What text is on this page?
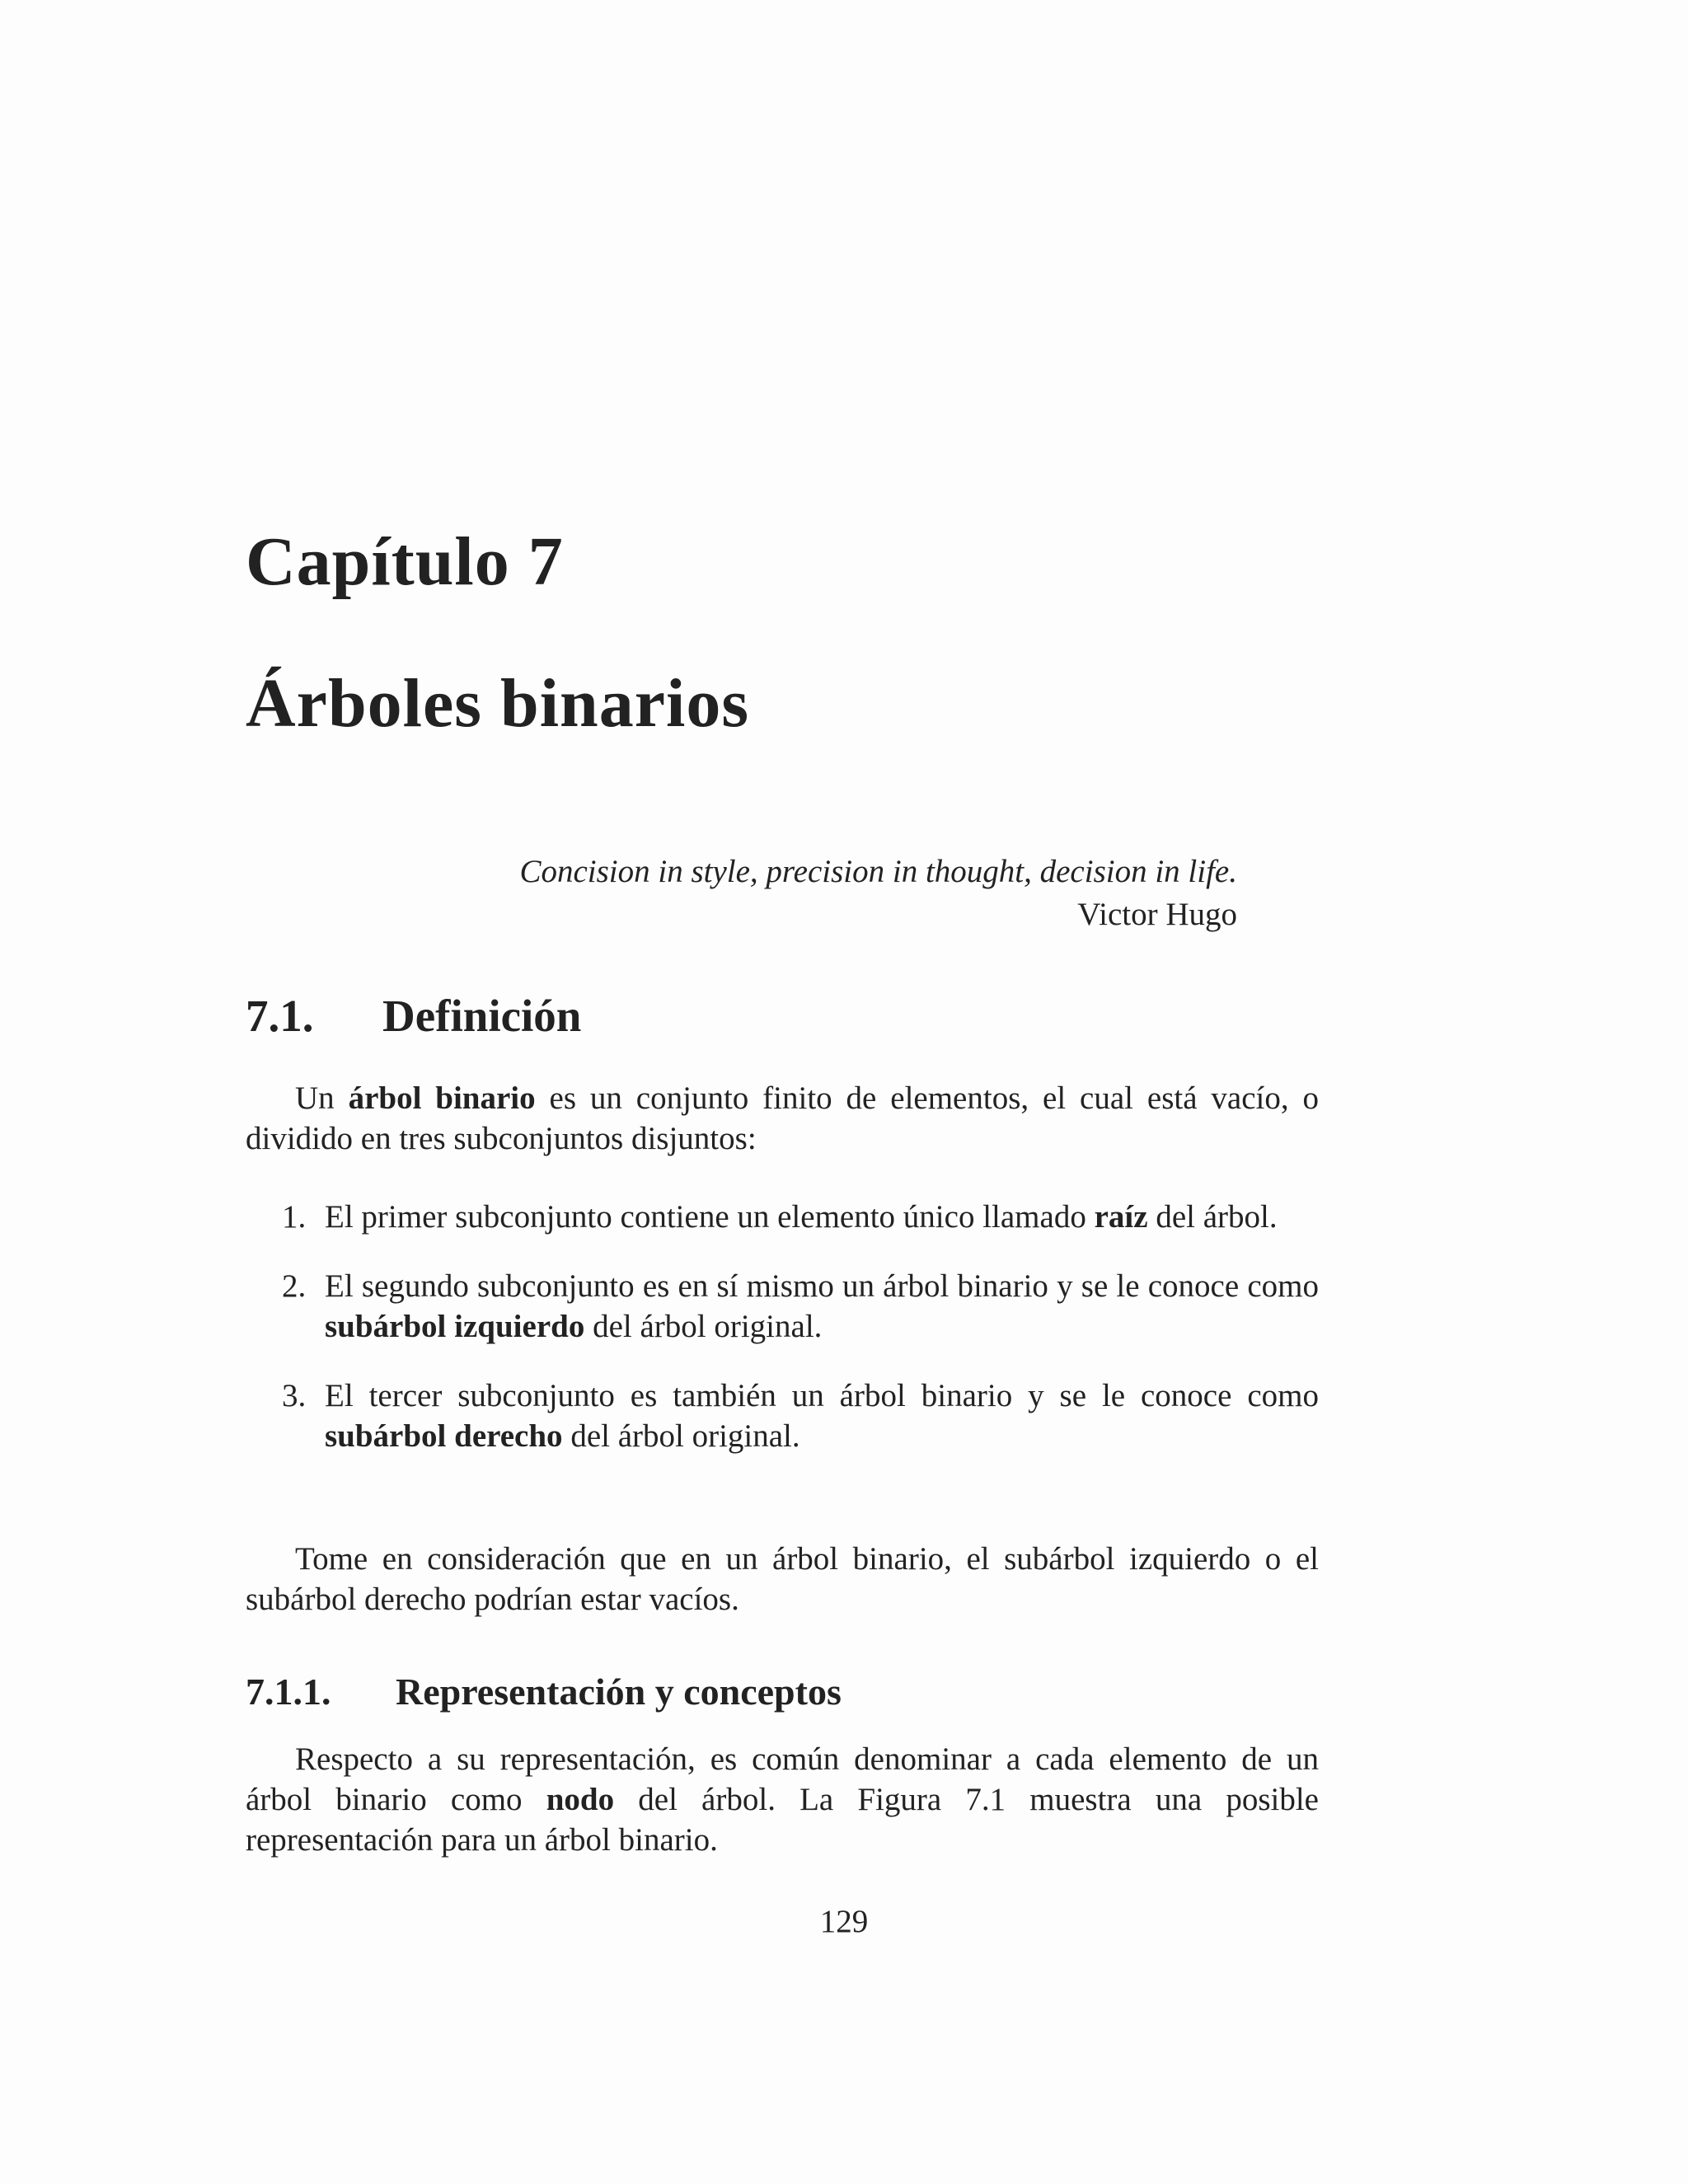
Capítulo 7
Árboles binarios
Concision in style, precision in thought, decision in life.
Victor Hugo
7.1. Definición
Un árbol binario es un conjunto finito de elementos, el cual está vacío, o dividido en tres subconjuntos disjuntos:
1. El primer subconjunto contiene un elemento único llamado raíz del árbol.
2. El segundo subconjunto es en sí mismo un árbol binario y se le conoce como subárbol izquierdo del árbol original.
3. El tercer subconjunto es también un árbol binario y se le conoce como subárbol derecho del árbol original.
Tome en consideración que en un árbol binario, el subárbol izquierdo o el subárbol derecho podrían estar vacíos.
7.1.1. Representación y conceptos
Respecto a su representación, es común denominar a cada elemento de un árbol binario como nodo del árbol. La Figura 7.1 muestra una posible representación para un árbol binario.
129
